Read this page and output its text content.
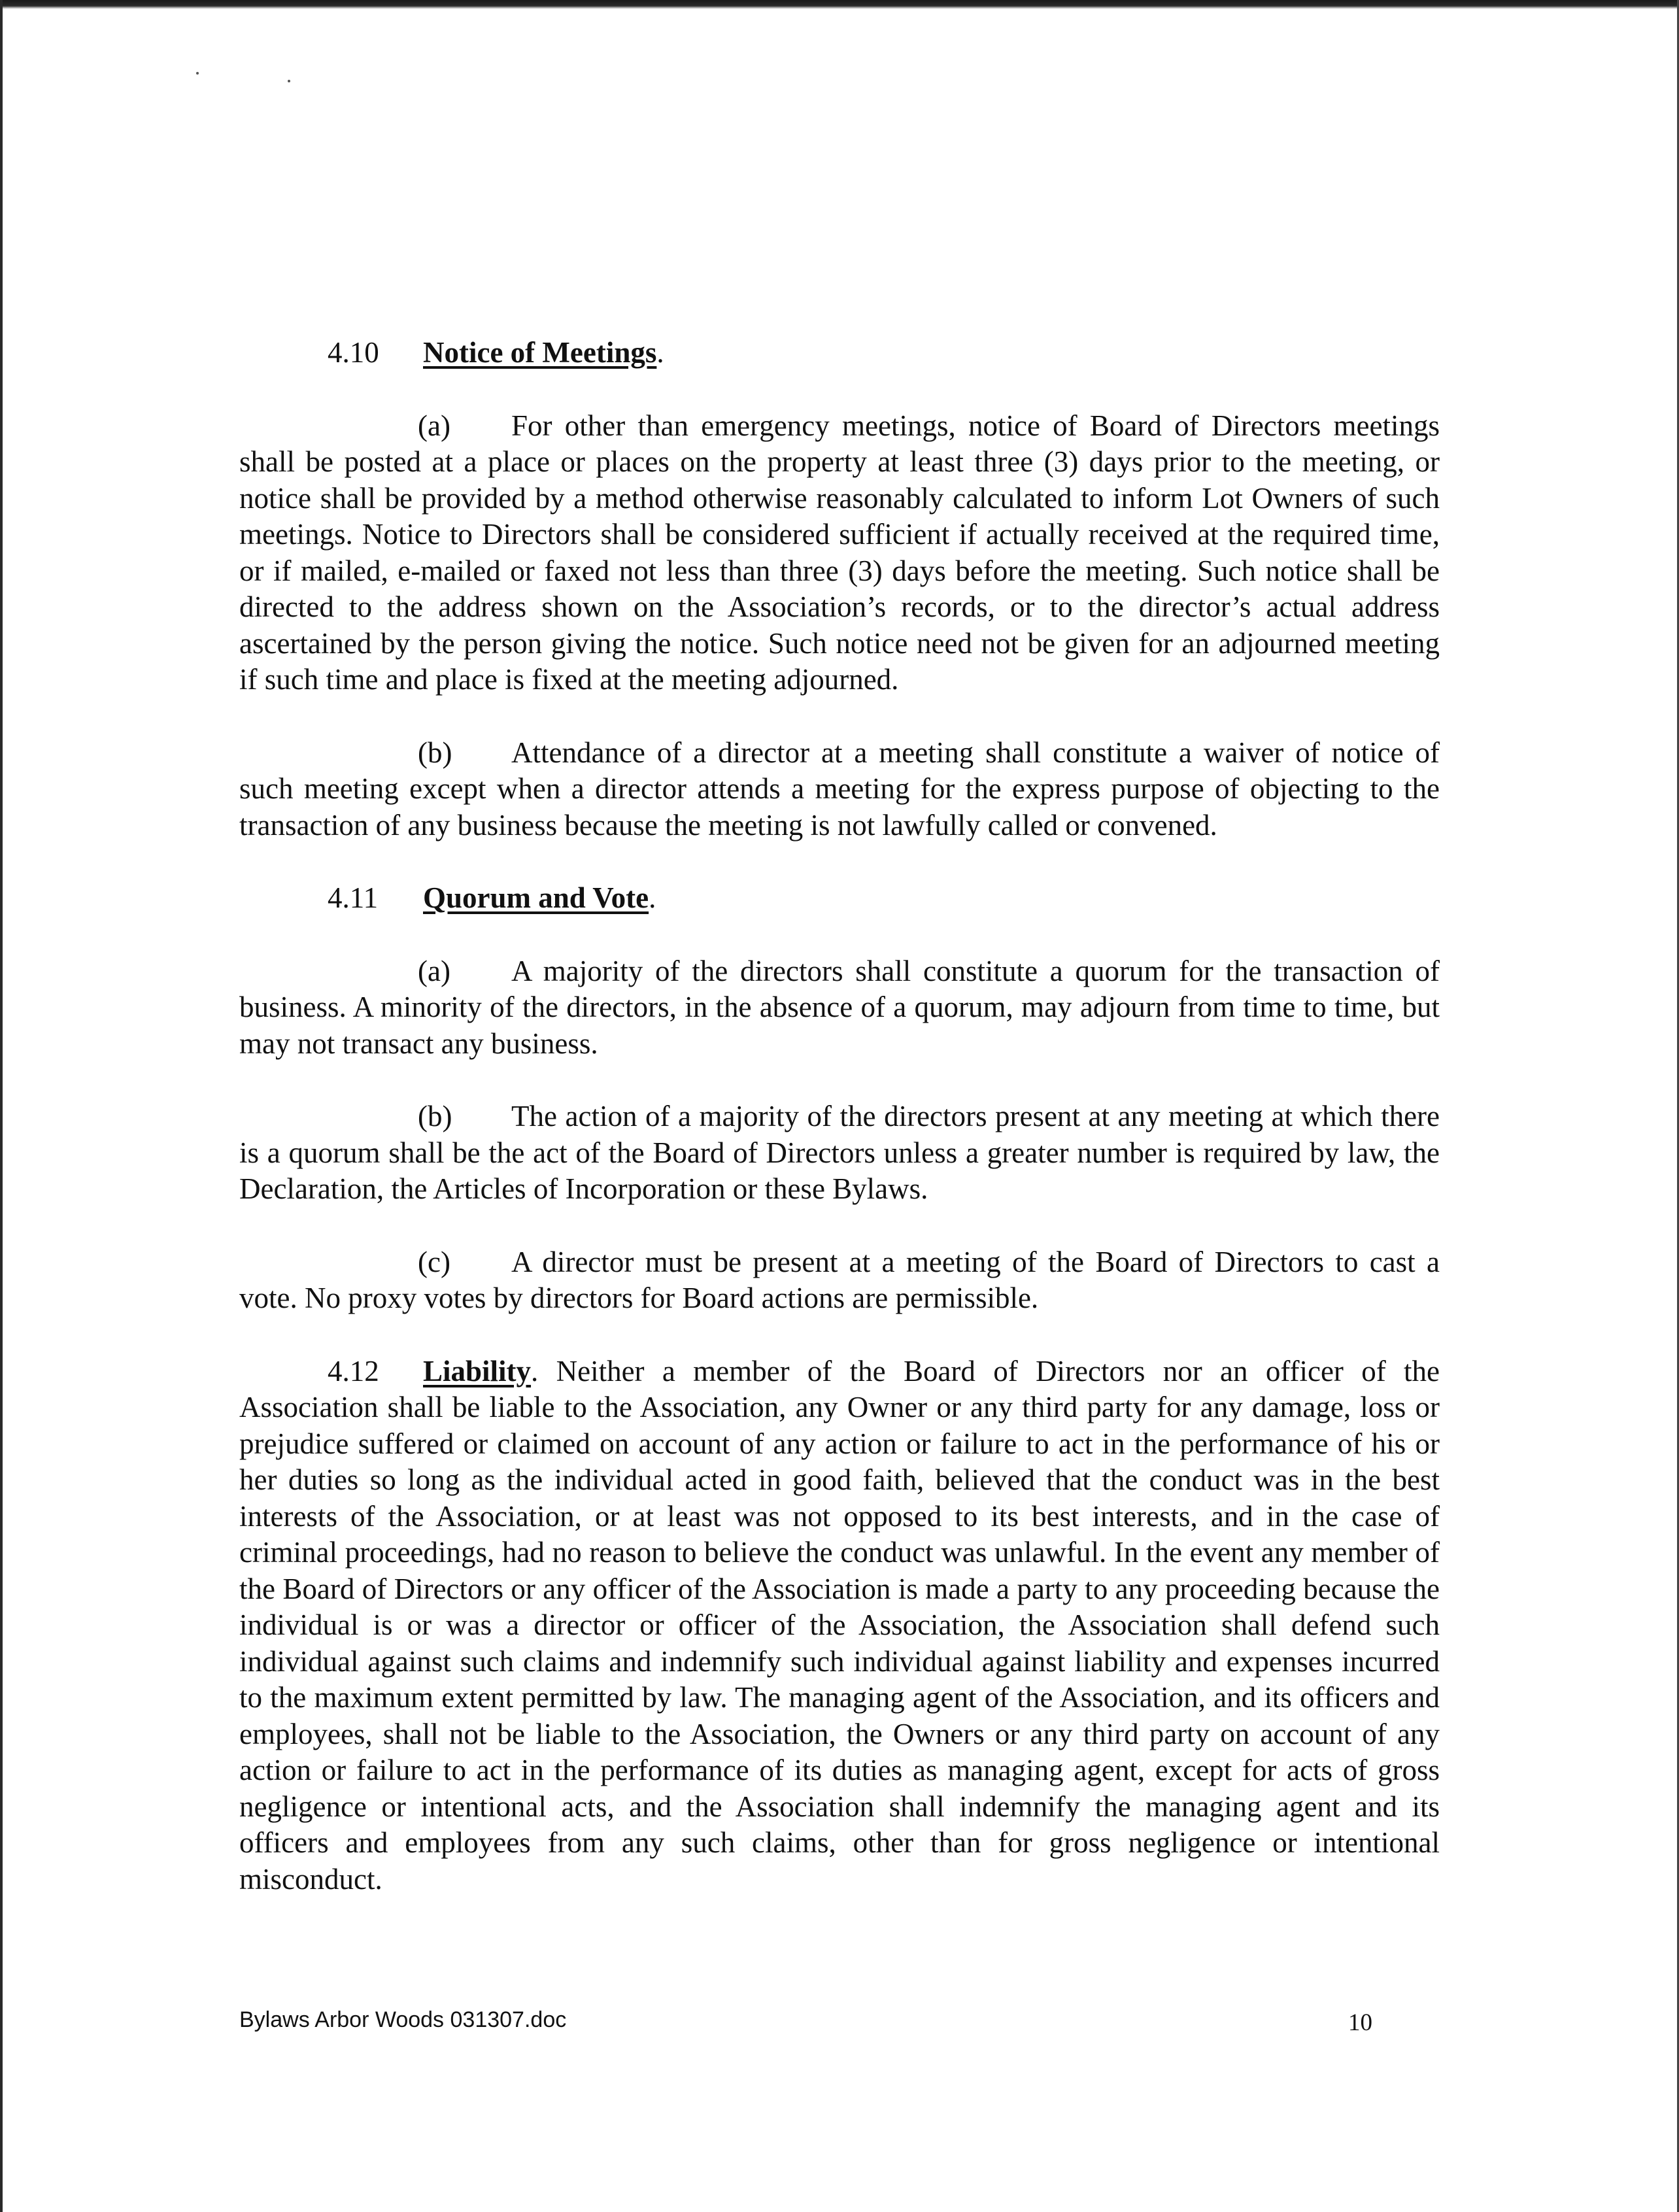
4.10 Notice of Meetings.

(a) For other than emergency meetings, notice of Board of Directors meetings shall be posted at a place or places on the property at least three (3) days prior to the meeting, or notice shall be provided by a method otherwise reasonably calculated to inform Lot Owners of such meetings. Notice to Directors shall be considered sufficient if actually received at the required time, or if mailed, e-mailed or faxed not less than three (3) days before the meeting. Such notice shall be directed to the address shown on the Association’s records, or to the director’s actual address ascertained by the person giving the notice. Such notice need not be given for an adjourned meeting if such time and place is fixed at the meeting adjourned.

(b) Attendance of a director at a meeting shall constitute a waiver of notice of such meeting except when a director attends a meeting for the express purpose of objecting to the transaction of any business because the meeting is not lawfully called or convened.

4.11 Quorum and Vote.

(a) A majority of the directors shall constitute a quorum for the transaction of business. A minority of the directors, in the absence of a quorum, may adjourn from time to time, but may not transact any business.

(b) The action of a majority of the directors present at any meeting at which there is a quorum shall be the act of the Board of Directors unless a greater number is required by law, the Declaration, the Articles of Incorporation or these Bylaws.

(c) A director must be present at a meeting of the Board of Directors to cast a vote. No proxy votes by directors for Board actions are permissible.

4.12 Liability. Neither a member of the Board of Directors nor an officer of the Association shall be liable to the Association, any Owner or any third party for any damage, loss or prejudice suffered or claimed on account of any action or failure to act in the performance of his or her duties so long as the individual acted in good faith, believed that the conduct was in the best interests of the Association, or at least was not opposed to its best interests, and in the case of criminal proceedings, had no reason to believe the conduct was unlawful. In the event any member of the Board of Directors or any officer of the Association is made a party to any proceeding because the individual is or was a director or officer of the Association, the Association shall defend such individual against such claims and indemnify such individual against liability and expenses incurred to the maximum extent permitted by law. The managing agent of the Association, and its officers and employees, shall not be liable to the Association, the Owners or any third party on account of any action or failure to act in the performance of its duties as managing agent, except for acts of gross negligence or intentional acts, and the Association shall indemnify the managing agent and its officers and employees from any such claims, other than for gross negligence or intentional misconduct.

Bylaws Arbor Woods 031307.doc	10
